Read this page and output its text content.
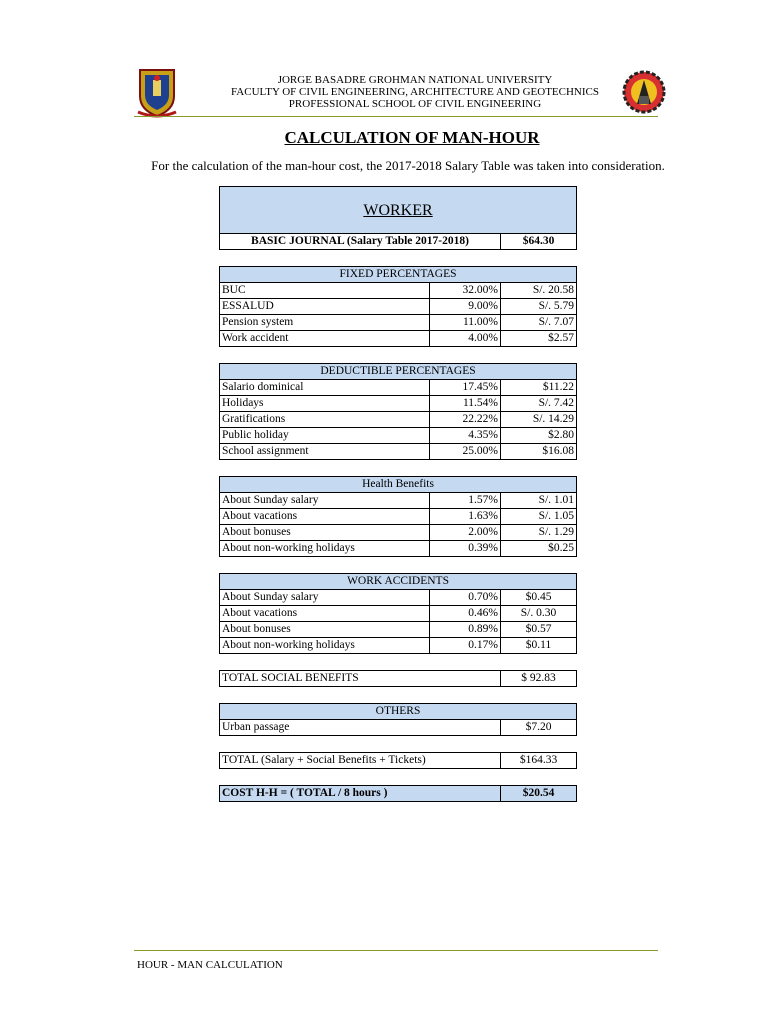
JORGE BASADRE GROHMAN NATIONAL UNIVERSITY
FACULTY OF CIVIL ENGINEERING, ARCHITECTURE AND GEOTECHNICS
PROFESSIONAL SCHOOL OF CIVIL ENGINEERING
CALCULATION OF MAN-HOUR
For the calculation of the man-hour cost, the 2017-2018 Salary Table was taken into consideration.
WORKER		
BASIC JOURNAL (Salary Table 2017-2018)		$64.30

FIXED PERCENTAGES		
BUC	32.00%	S/. 20.58
ESSALUD	9.00%	S/. 5.79
Pension system	11.00%	S/. 7.07
Work accident	4.00%	$2.57

DEDUCTIBLE PERCENTAGES		
Salario dominical	17.45%	$11.22
Holidays	11.54%	S/. 7.42
Gratifications	22.22%	S/. 14.29
Public holiday	4.35%	$2.80
School assignment	25.00%	$16.08

Health Benefits		
About Sunday salary	1.57%	S/. 1.01
About vacations	1.63%	S/. 1.05
About bonuses	2.00%	S/. 1.29
About non-working holidays	0.39%	$0.25

WORK ACCIDENTS		
About Sunday salary	0.70%	$0.45
About vacations	0.46%	S/. 0.30
About bonuses	0.89%	$0.57
About non-working holidays	0.17%	$0.11

TOTAL SOCIAL BENEFITS		$ 92.83

OTHERS		
Urban passage		$7.20

TOTAL (Salary + Social Benefits + Tickets)		$164.33

COST H-H = ( TOTAL / 8 hours )		$20.54
HOUR - MAN CALCULATION
